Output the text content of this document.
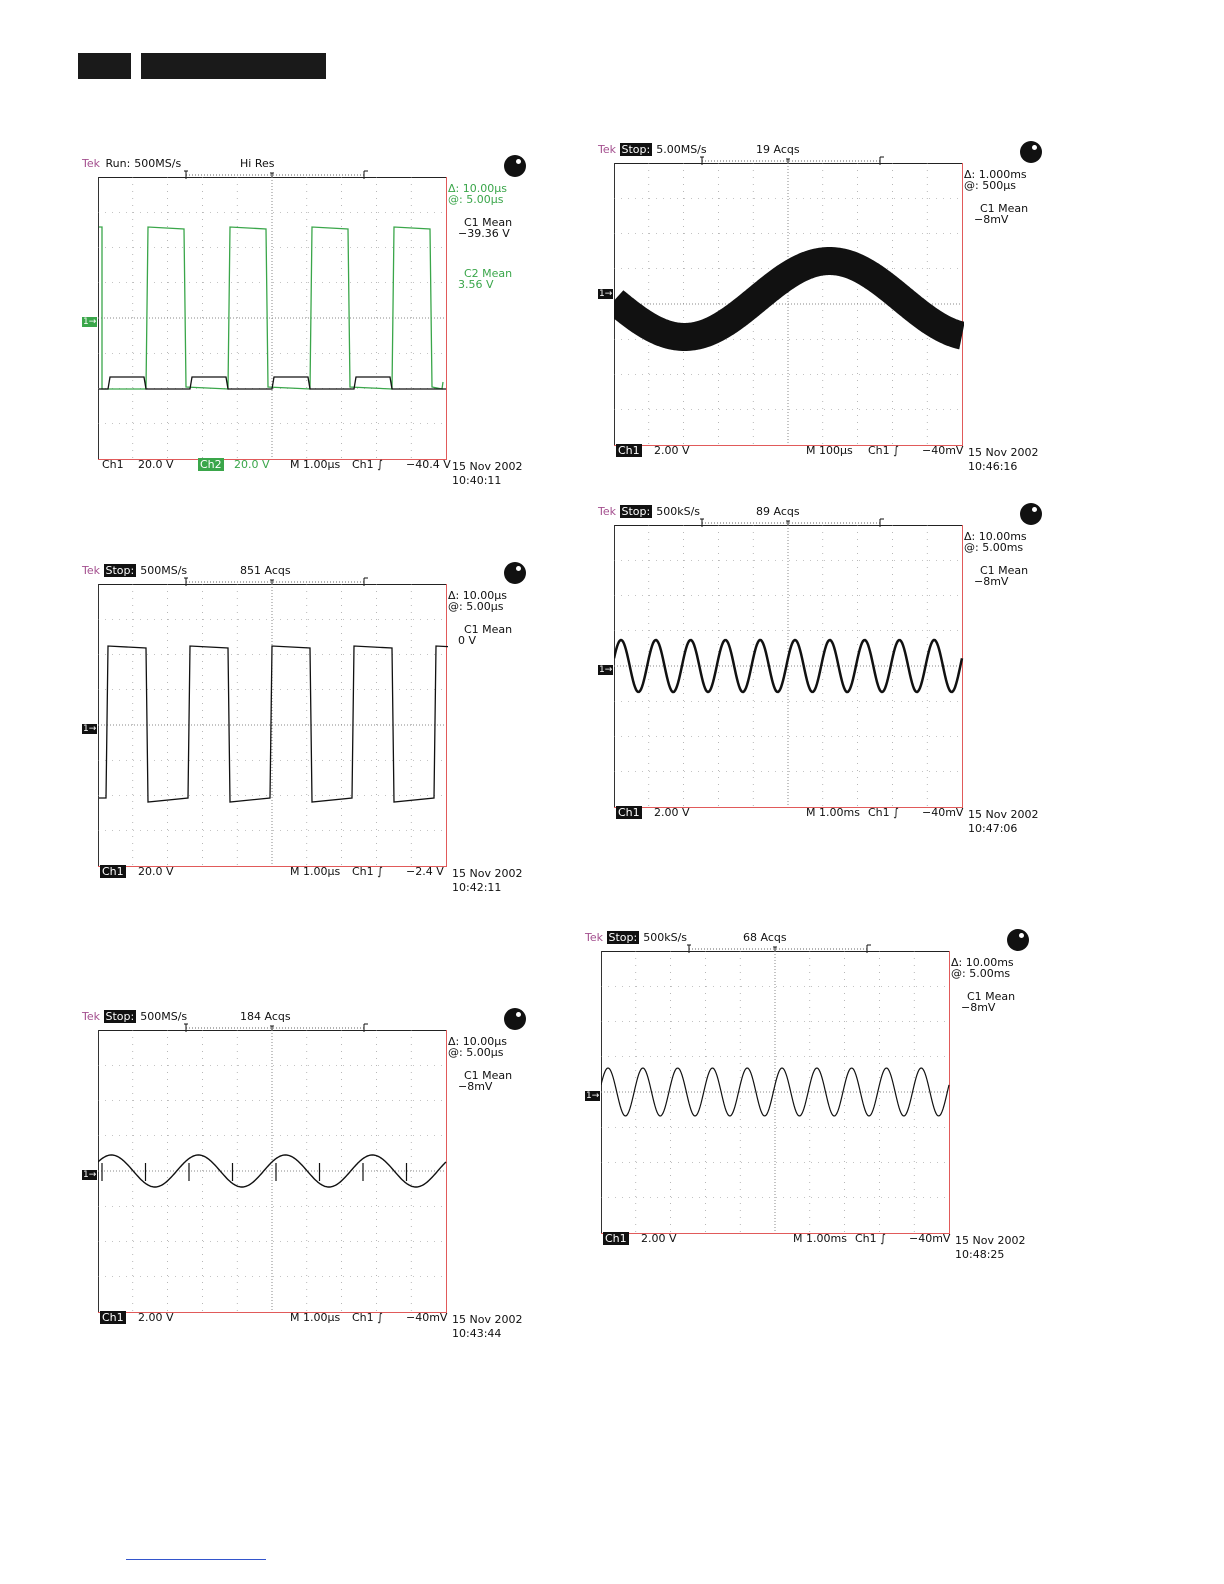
Tek Run: 500MS/s	Hi Res
1→
Δ: 10.00μs
@: 5.00μs
C1 Mean
−39.36 V
C2 Mean
3.56 V
Ch1 20.0 V Ch2 20.0 V M 1.00μs Ch1 ∫ −40.4 V 15 Nov 2002
10:40:11
Tek Stop: 5.00MS/s	19 Acqs
1→
Δ: 1.000ms
@: 500μs
C1 Mean
−8mV
Ch1 2.00 V	M 100μs Ch1 ∫ −40mV 15 Nov 2002
10:46:16
Tek Stop: 500MS/s	851 Acqs
1→
Δ: 10.00μs
@: 5.00μs
C1 Mean
0 V
Ch1 20.0 V	M 1.00μs Ch1 ∫ −2.4 V 15 Nov 2002
10:42:11
Tek Stop: 500kS/s	89 Acqs
1→
Δ: 10.00ms
@: 5.00ms
C1 Mean
−8mV
Ch1 2.00 V	M 1.00ms Ch1 ∫ −40mV 15 Nov 2002
10:47:06
Tek Stop: 500kS/s	68 Acqs
1→
Δ: 10.00ms
@: 5.00ms
C1 Mean
−8mV
Ch1 2.00 V	M 1.00ms Ch1 ∫ −40mV 15 Nov 2002
10:48:25
Tek Stop: 500MS/s	184 Acqs
1→
Δ: 10.00μs
@: 5.00μs
C1 Mean
−8mV
Ch1 2.00 V	M 1.00μs Ch1 ∫ −40mV 15 Nov 2002
10:43:44
